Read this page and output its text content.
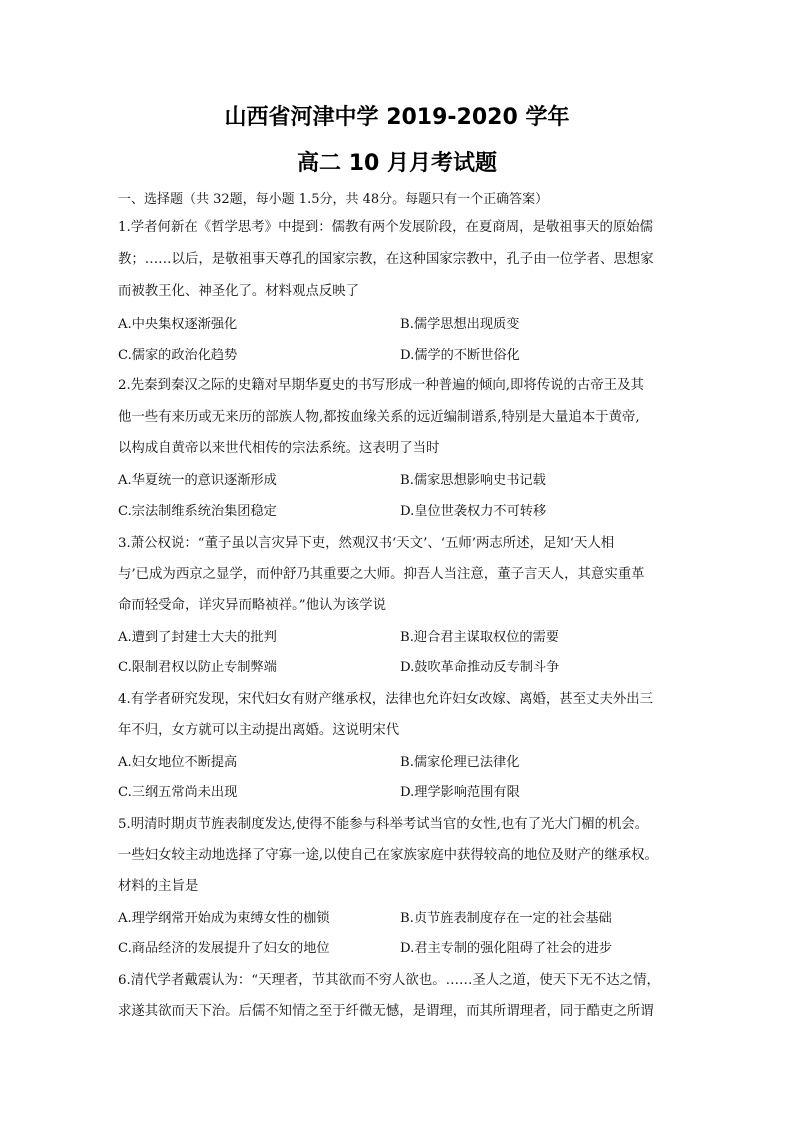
山西省河津中学 2019-2020 学年
高二 10 月月考试题
一、选择题（共 32题，每小题 1.5分，共 48分。每题只有一个正确答案）
1.学者何新在《哲学思考》中提到：儒教有两个发展阶段，在夏商周，是敬祖事天的原始儒
教；……以后，是敬祖事天尊孔的国家宗教，在这种国家宗教中，孔子由一位学者、思想家
而被教王化、神圣化了。材料观点反映了
A.中央集权逐渐强化	B.儒学思想出现质变
C.儒家的政治化趋势	D.儒学的不断世俗化
2.先秦到秦汉之际的史籍对早期华夏史的书写形成一种普遍的倾向,即将传说的古帝王及其
他一些有来历或无来历的部族人物,都按血缘关系的远近编制谱系,特别是大量追本于黄帝,
以构成自黄帝以来世代相传的宗法系统。这表明了当时
A.华夏统一的意识逐渐形成	B.儒家思想影响史书记载
C.宗法制维系统治集团稳定	D.皇位世袭权力不可转移
3.萧公权说：“董子虽以言灾异下吏，然观汉书‘天文’、‘五师’两志所述，足知‘天人相
与’已成为西京之显学，而仲舒乃其重要之大师。抑吾人当注意，董子言天人，其意实重革
命而轻受命，详灾异而略祯祥。”他认为该学说
A.遭到了封建士大夫的批判	B.迎合君主谋取权位的需要
C.限制君权以防止专制弊端	D.鼓吹革命推动反专制斗争
4.有学者研究发现，宋代妇女有财产继承权，法律也允许妇女改嫁、离婚，甚至丈夫外出三
年不归，女方就可以主动提出离婚。这说明宋代
A.妇女地位不断提高	B.儒家伦理已法律化
C.三纲五常尚未出现	D.理学影响范围有限
5.明清时期贞节旌表制度发达,使得不能参与科举考试当官的女性,也有了光大门楣的机会。
一些妇女较主动地选择了守寡一途,以使自己在家族家庭中获得较高的地位及财产的继承权。
材料的主旨是
A.理学纲常开始成为束缚女性的枷锁	B.贞节旌表制度存在一定的社会基础
C.商品经济的发展提升了妇女的地位	D.君主专制的强化阻碍了社会的进步
6.清代学者戴震认为：“天理者，节其欲而不穷人欲也。……圣人之道，使天下无不达之情，
求遂其欲而天下治。后儒不知情之至于纤微无憾，是谓理，而其所谓理者，同于酷吏之所谓
